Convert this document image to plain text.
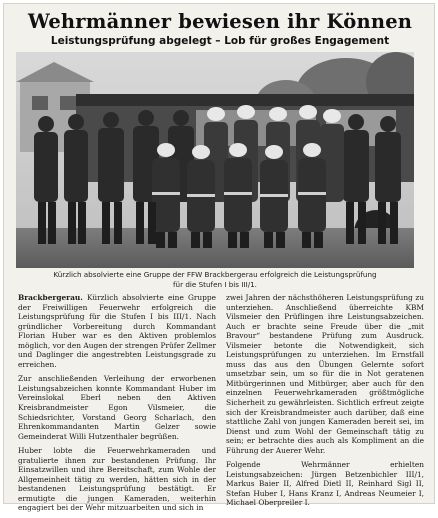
Wehrmänner bewiesen ihr Können
Leistungsprüfung abgelegt – Lob für großes Engagement
Kürzlich absolvierte eine Gruppe der FFW Brackbergerau erfolgreich die Leistungsprüfung
für die Stufen I bis III/1.

Brackbergerau. Kürzlich absolvierte eine Gruppe der Freiwilligen Feuerwehr erfolgreich die Leistungsprüfung für die Stufen I bis III/1. Nach gründlicher Vorbereitung durch Kommandant Florian Huber war es den Aktiven problemlos möglich, vor den Augen der strengen Prüfer Zellmer und Daglinger die angestrebten Leistungsgrade zu erreichen.

Zur anschließenden Verleihung der erworbenen Leistungsabzeichen konnte Kommandant Huber im Vereinslokal Eberl neben den Aktiven Kreisbrandmeister Egon Vilsmeier, die Schiedsrichter, Vorstand Georg Scharlach, den Ehrenkommandanten Martin Gelzer sowie Gemeinderat Willi Hutzenthaler begrüßen.

Huber lobte die Feuerwehrkameraden und gratulierte ihnen zur bestandenen Prüfung. Ihr Einsatzwillen und ihre Bereitschaft, zum Wohle der Allgemeinheit tätig zu werden, hätten sich in der bestandenen Leistungsprüfung bestätigt. Er ermutigte die jungen Kameraden, weiterhin engagiert bei der Wehr mitzuarbeiten und sich in

zwei Jahren der nächsthöheren Leistungsprüfung zu unterziehen. Anschließend überreichte KBM Vilsmeier den Prüflingen ihre Leistungsabzeichen. Auch er brachte seine Freude über die „mit Bravour“ bestandene Prüfung zum Ausdruck. Vilsmeier betonte die Notwendigkeit, sich Leistungsprüfungen zu unterziehen. Im Ernstfall muss das aus den Übungen Gelernte sofort umsetzbar sein, um so für die in Not geratenen Mitbürgerinnen und Mitbürger, aber auch für den einzelnen Feuerwehrkameraden größtmögliche Sicherheit zu gewährleisten. Sichtlich erfreut zeigte sich der Kreisbrandmeister auch darüber, daß eine stattliche Zahl von jungen Kameraden bereit sei, im Dienst und zum Wohl der Gemeinschaft tätig zu sein; er betrachte dies auch als Kompliment an die Führung der Auerer Wehr.

Folgende Wehrmänner erhielten Leistungsabzeichen: Jürgen Betzenbichler III/1, Markus Baier II, Alfred Dietl II, Reinhard Sigl II, Stefan Huber I, Hans Kranz I, Andreas Neumeier I, Michael Oberpreiler I.
